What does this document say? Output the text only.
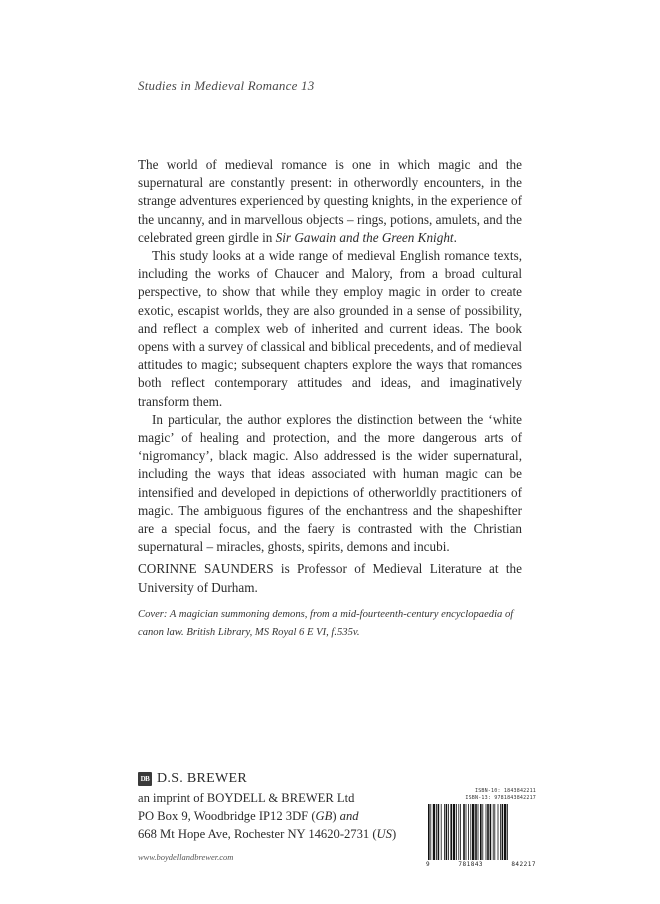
Studies in Medieval Romance 13

The world of medieval romance is one in which magic and the supernatural are constantly present: in otherwordly encounters, in the strange adventures experienced by questing knights, in the experience of the uncanny, and in marvellous objects – rings, potions, amulets, and the celebrated green girdle in Sir Gawain and the Green Knight.

This study looks at a wide range of medieval English romance texts, including the works of Chaucer and Malory, from a broad cultural perspective, to show that while they employ magic in order to create exotic, escapist worlds, they are also grounded in a sense of possibility, and reflect a complex web of inherited and current ideas. The book opens with a survey of classical and biblical precedents, and of medieval attitudes to magic; subsequent chapters explore the ways that romances both reflect contemporary attitudes and ideas, and imaginatively transform them.

In particular, the author explores the distinction between the ‘white magic’ of healing and protection, and the more dangerous arts of ‘nigromancy’, black magic. Also addressed is the wider supernatural, including the ways that ideas associated with human magic can be intensified and developed in depictions of otherworldly practitioners of magic. The ambiguous figures of the enchantress and the shapeshifter are a special focus, and the faery is contrasted with the Christian supernatural – miracles, ghosts, spirits, demons and incubi.

CORINNE SAUNDERS is Professor of Medieval Literature at the University of Durham.

Cover: A magician summoning demons, from a mid-fourteenth-century encyclopaedia of canon law. British Library, MS Royal 6 E VI, f.535v.
DB D.S. BREWER
an imprint of BOYDELL & BREWER Ltd
PO Box 9, Woodbridge IP12 3DF (GB) and
668 Mt Hope Ave, Rochester NY 14620-2731 (US)
www.boydellandbrewer.com
ISBN-10: 1843842211
ISBN-13: 9781843842217
9	781843	842217
